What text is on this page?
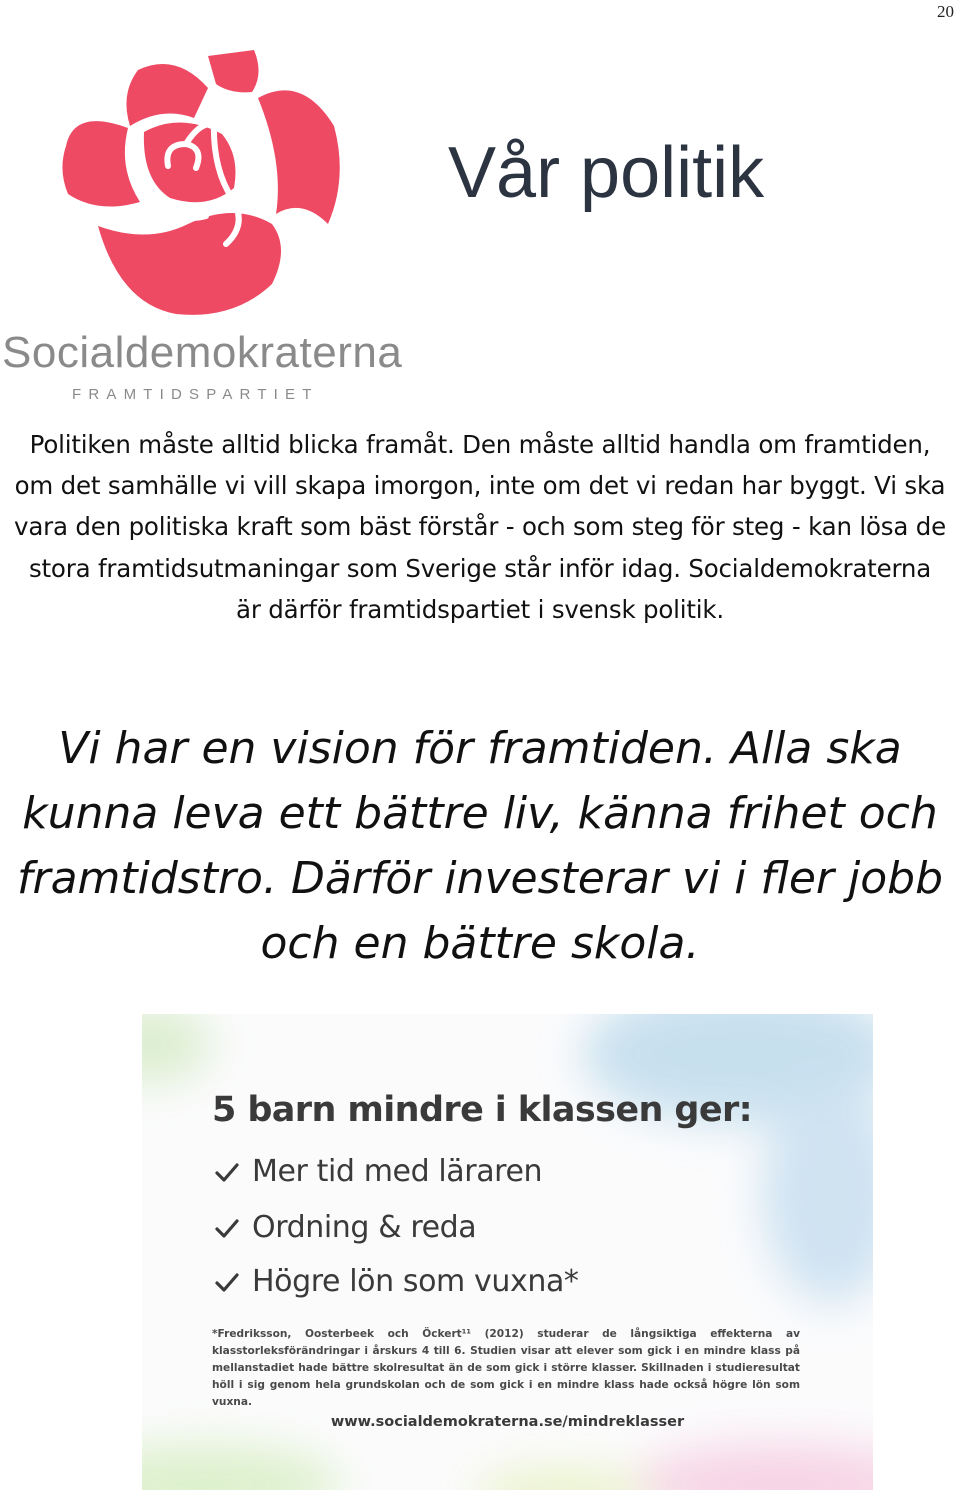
20
Socialdemokraterna
FRAMTIDSPARTIET
Vår politik

Politiken måste alltid blicka framåt. Den måste alltid handla om framtiden, om det samhälle vi vill skapa imorgon, inte om det vi redan har byggt. Vi ska vara den politiska kraft som bäst förstår - och som steg för steg - kan lösa de stora framtidsutmaningar som Sverige står inför idag. Socialdemokraterna är därför framtidspartiet i svensk politik.

Vi har en vision för framtiden. Alla ska kunna leva ett bättre liv, känna frihet och framtidstro. Därför investerar vi i fler jobb och en bättre skola.

5 barn mindre i klassen ger:
Mer tid med läraren
Ordning & reda
Högre lön som vuxna*

*Fredriksson, Oosterbeek och Öckert¹¹ (2012) studerar de långsiktiga effekterna av klasstorleksförändringar i årskurs 4 till 6. Studien visar att elever som gick i en mindre klass på mellanstadiet hade bättre skolresultat än de som gick i större klasser. Skillnaden i studieresultat höll i sig genom hela grundskolan och de som gick i en mindre klass hade också högre lön som vuxna.

www.socialdemokraterna.se/mindreklasser
